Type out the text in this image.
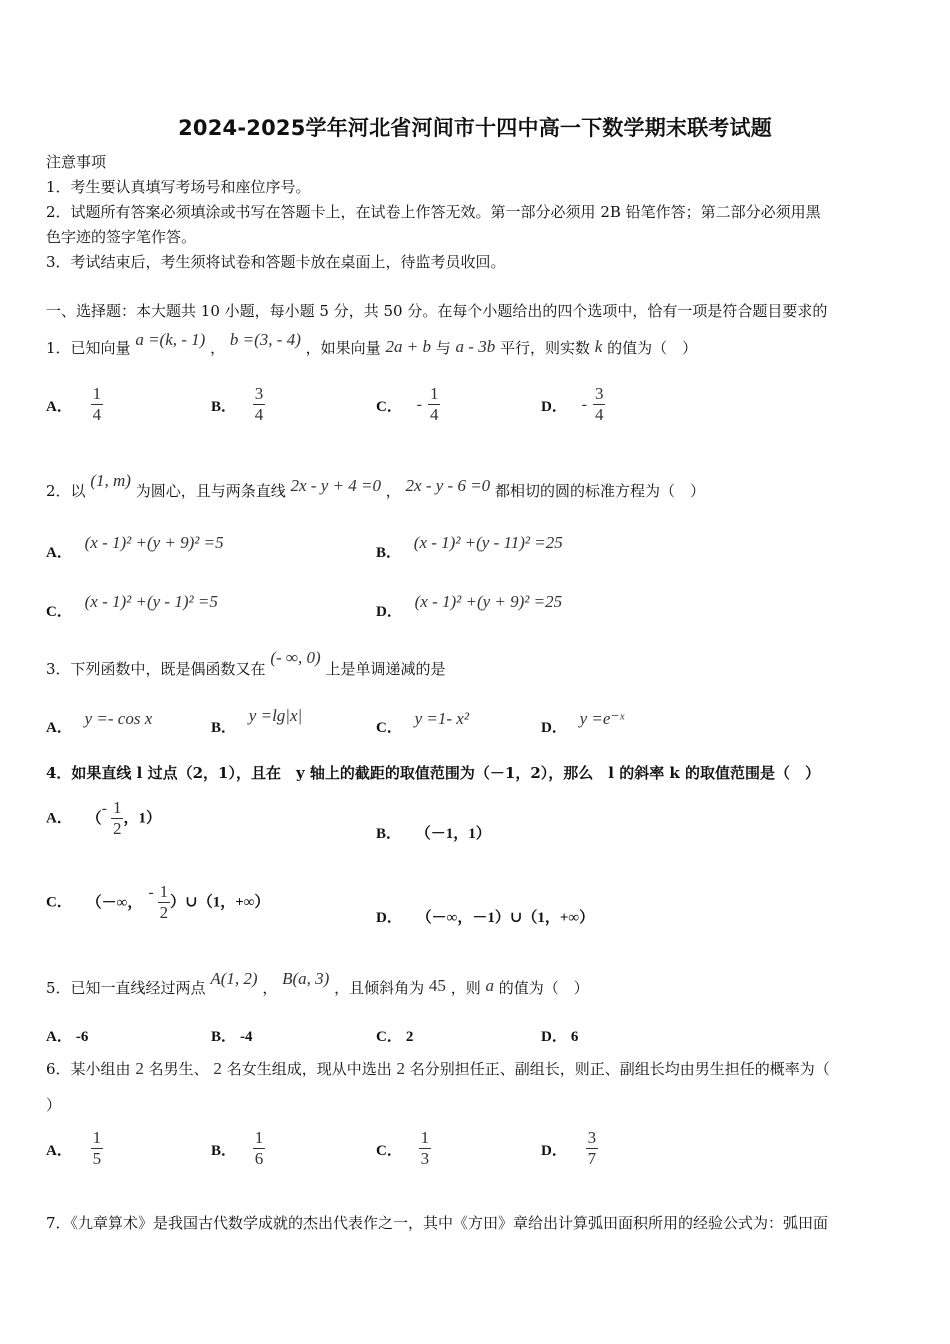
2024-2025学年河北省河间市十四中高一下数学期末联考试题
注意事项
1．考生要认真填写考场号和座位序号。
2．试题所有答案必须填涂或书写在答题卡上，在试卷上作答无效。第一部分必须用 2B 铅笔作答；第二部分必须用黑
色字迹的签字笔作答。
3．考试结束后，考生须将试卷和答题卡放在桌面上，待监考员收回。
一、选择题：本大题共 10 小题，每小题 5 分，共 50 分。在每个小题给出的四个选项中，恰有一项是符合题目要求的
1．已知向量 a =(k, - 1) ， b =(3, - 4) ，如果向量 2a + b 与 a - 3b 平行，则实数 k 的值为（　）
A． $\frac{1}{4}$	B． $\frac{3}{4}$	C． - $\frac{1}{4}$	D． - $\frac{3}{4}$
2．以 (1, m) 为圆心，且与两条直线 2x - y + 4 =0 ， 2x - y - 6 =0 都相切的圆的标准方程为（　）
A． (x - 1)² +(y + 9)² =5
B． (x - 1)² +(y - 11)² =25
C． (x - 1)² +(y - 1)² =5
D． (x - 1)² +(y + 9)² =25
3．下列函数中，既是偶函数又在 (- ∞, 0) 上是单调递减的是
A． y =- cos x	B． y =lg|x|
C． y =1- x²	D． y =e⁻ˣ
4．如果直线 l 过点（2，1），且在　y 轴上的截距的取值范围为（－1，2），那么　l 的斜率 k 的取值范围是（　）
A． （- $\frac{1}{2}$ ，1）
B． （－1，1）
C． （－∞，- $\frac{1}{2}$ ）∪（1，+∞）
D． （－∞，－1）∪（1，+∞）
5．已知一直线经过两点 A(1, 2) ， B(a, 3) ，且倾斜角为 45 ，则 a 的值为（　）
A． -6	B． -4	C． 2	D． 6
6．某小组由 2 名男生、 2 名女生组成，现从中选出 2 名分别担任正、副组长，则正、副组长均由男生担任的概率为（
）
A． $\frac{1}{5}$	B． $\frac{1}{6}$	C． $\frac{1}{3}$	D． $\frac{3}{7}$
7．《九章算术》是我国古代数学成就的杰出代表作之一，其中《方田》章给出计算弧田面积所用的经验公式为：弧田面
